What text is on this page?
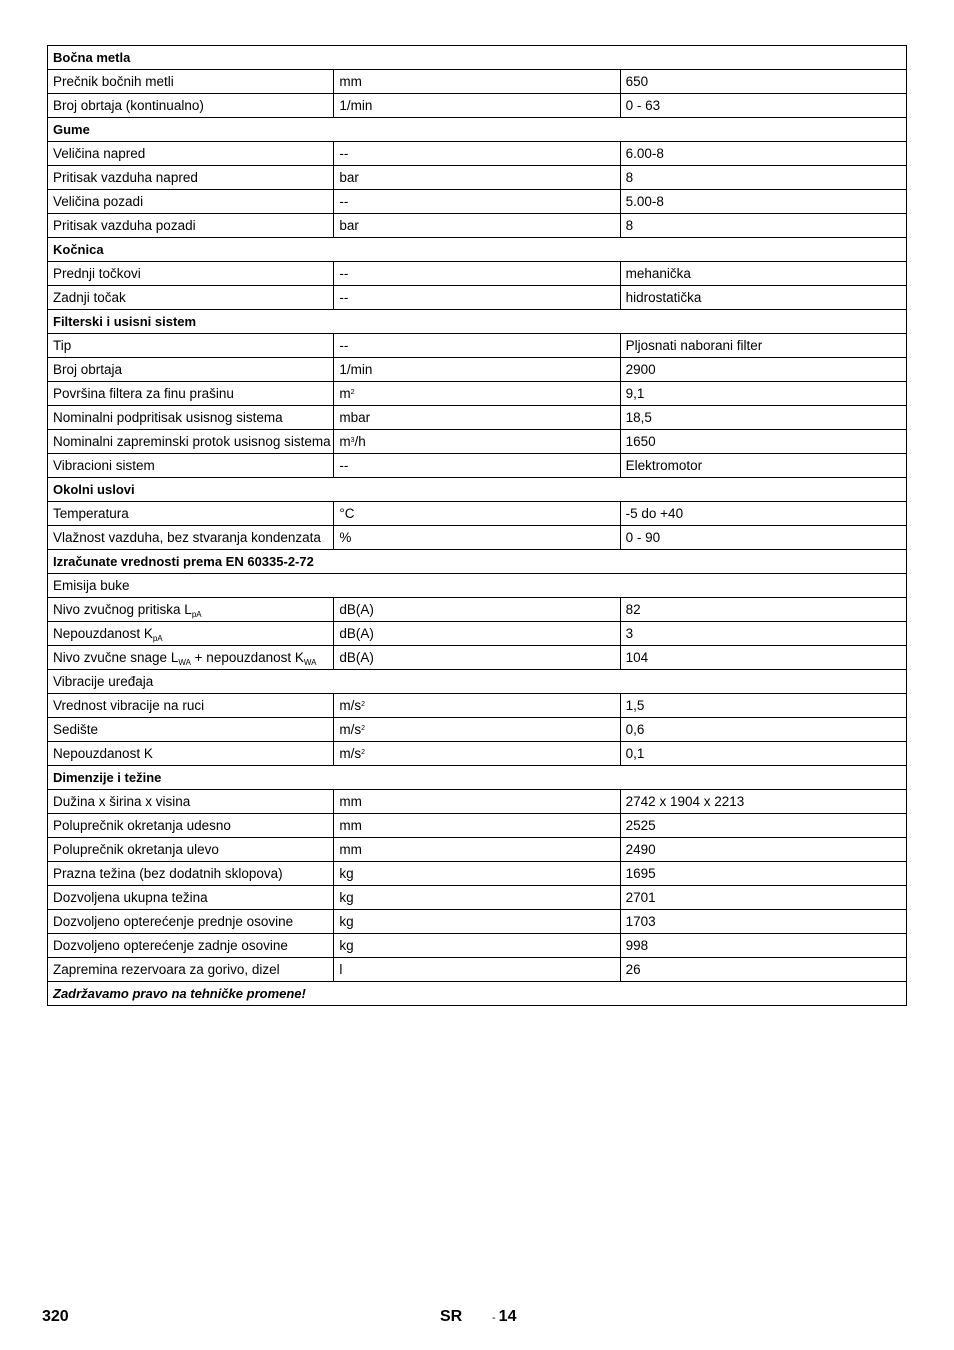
Bočna metla		
Prečnik bočnih metli	mm	650
Broj obrtaja (kontinualno)	1/min	0 - 63
Gume		
Veličina napred	--	6.00-8
Pritisak vazduha napred	bar	8
Veličina pozadi	--	5.00-8
Pritisak vazduha pozadi	bar	8
Kočnica		
Prednji točkovi	--	mehanička
Zadnji točak	--	hidrostatička
Filterski i usisni sistem		
Tip	--	Pljosnati naborani filter
Broj obrtaja	1/min	2900
Površina filtera za finu prašinu	$m^2$	9,1
Nominalni podpritisak usisnog sistema	mbar	18,5
Nominalni zapreminski protok usisnog sistema	$m^3/h$	1650
Vibracioni sistem	--	Elektromotor
Okolni uslovi		
Temperatura	°C	-5 do +40
Vlažnost vazduha, bez stvaranja kondenzata	%	0 - 90
Izračunate vrednosti prema EN 60335-2-72		
Emisija buke		
Nivo zvučnog pritiska $L_{pA}$	dB(A)	82
Nepouzdanost $K_{pA}$	dB(A)	3
Nivo zvučne snage $L_{WA}$ + nepouzdanost $K_{WA}$	dB(A)	104
Vibracije uređaja		
Vrednost vibracije na ruci	$m/s^2$	1,5
Sedište	$m/s^2$	0,6
Nepouzdanost K	$m/s^2$	0,1
Dimenzije i težine		
Dužina x širina x visina	mm	2742 x 1904 x 2213
Poluprečnik okretanja udesno	mm	2525
Poluprečnik okretanja ulevo	mm	2490
Prazna težina (bez dodatnih sklopova)	kg	1695
Dozvoljena ukupna težina	kg	2701
Dozvoljeno opterećenje prednje osovine	kg	1703
Dozvoljeno opterećenje zadnje osovine	kg	998
Zapremina rezervoara za gorivo, dizel	l	26
Zadržavamo pravo na tehničke promene!		
320	SR	- 14
